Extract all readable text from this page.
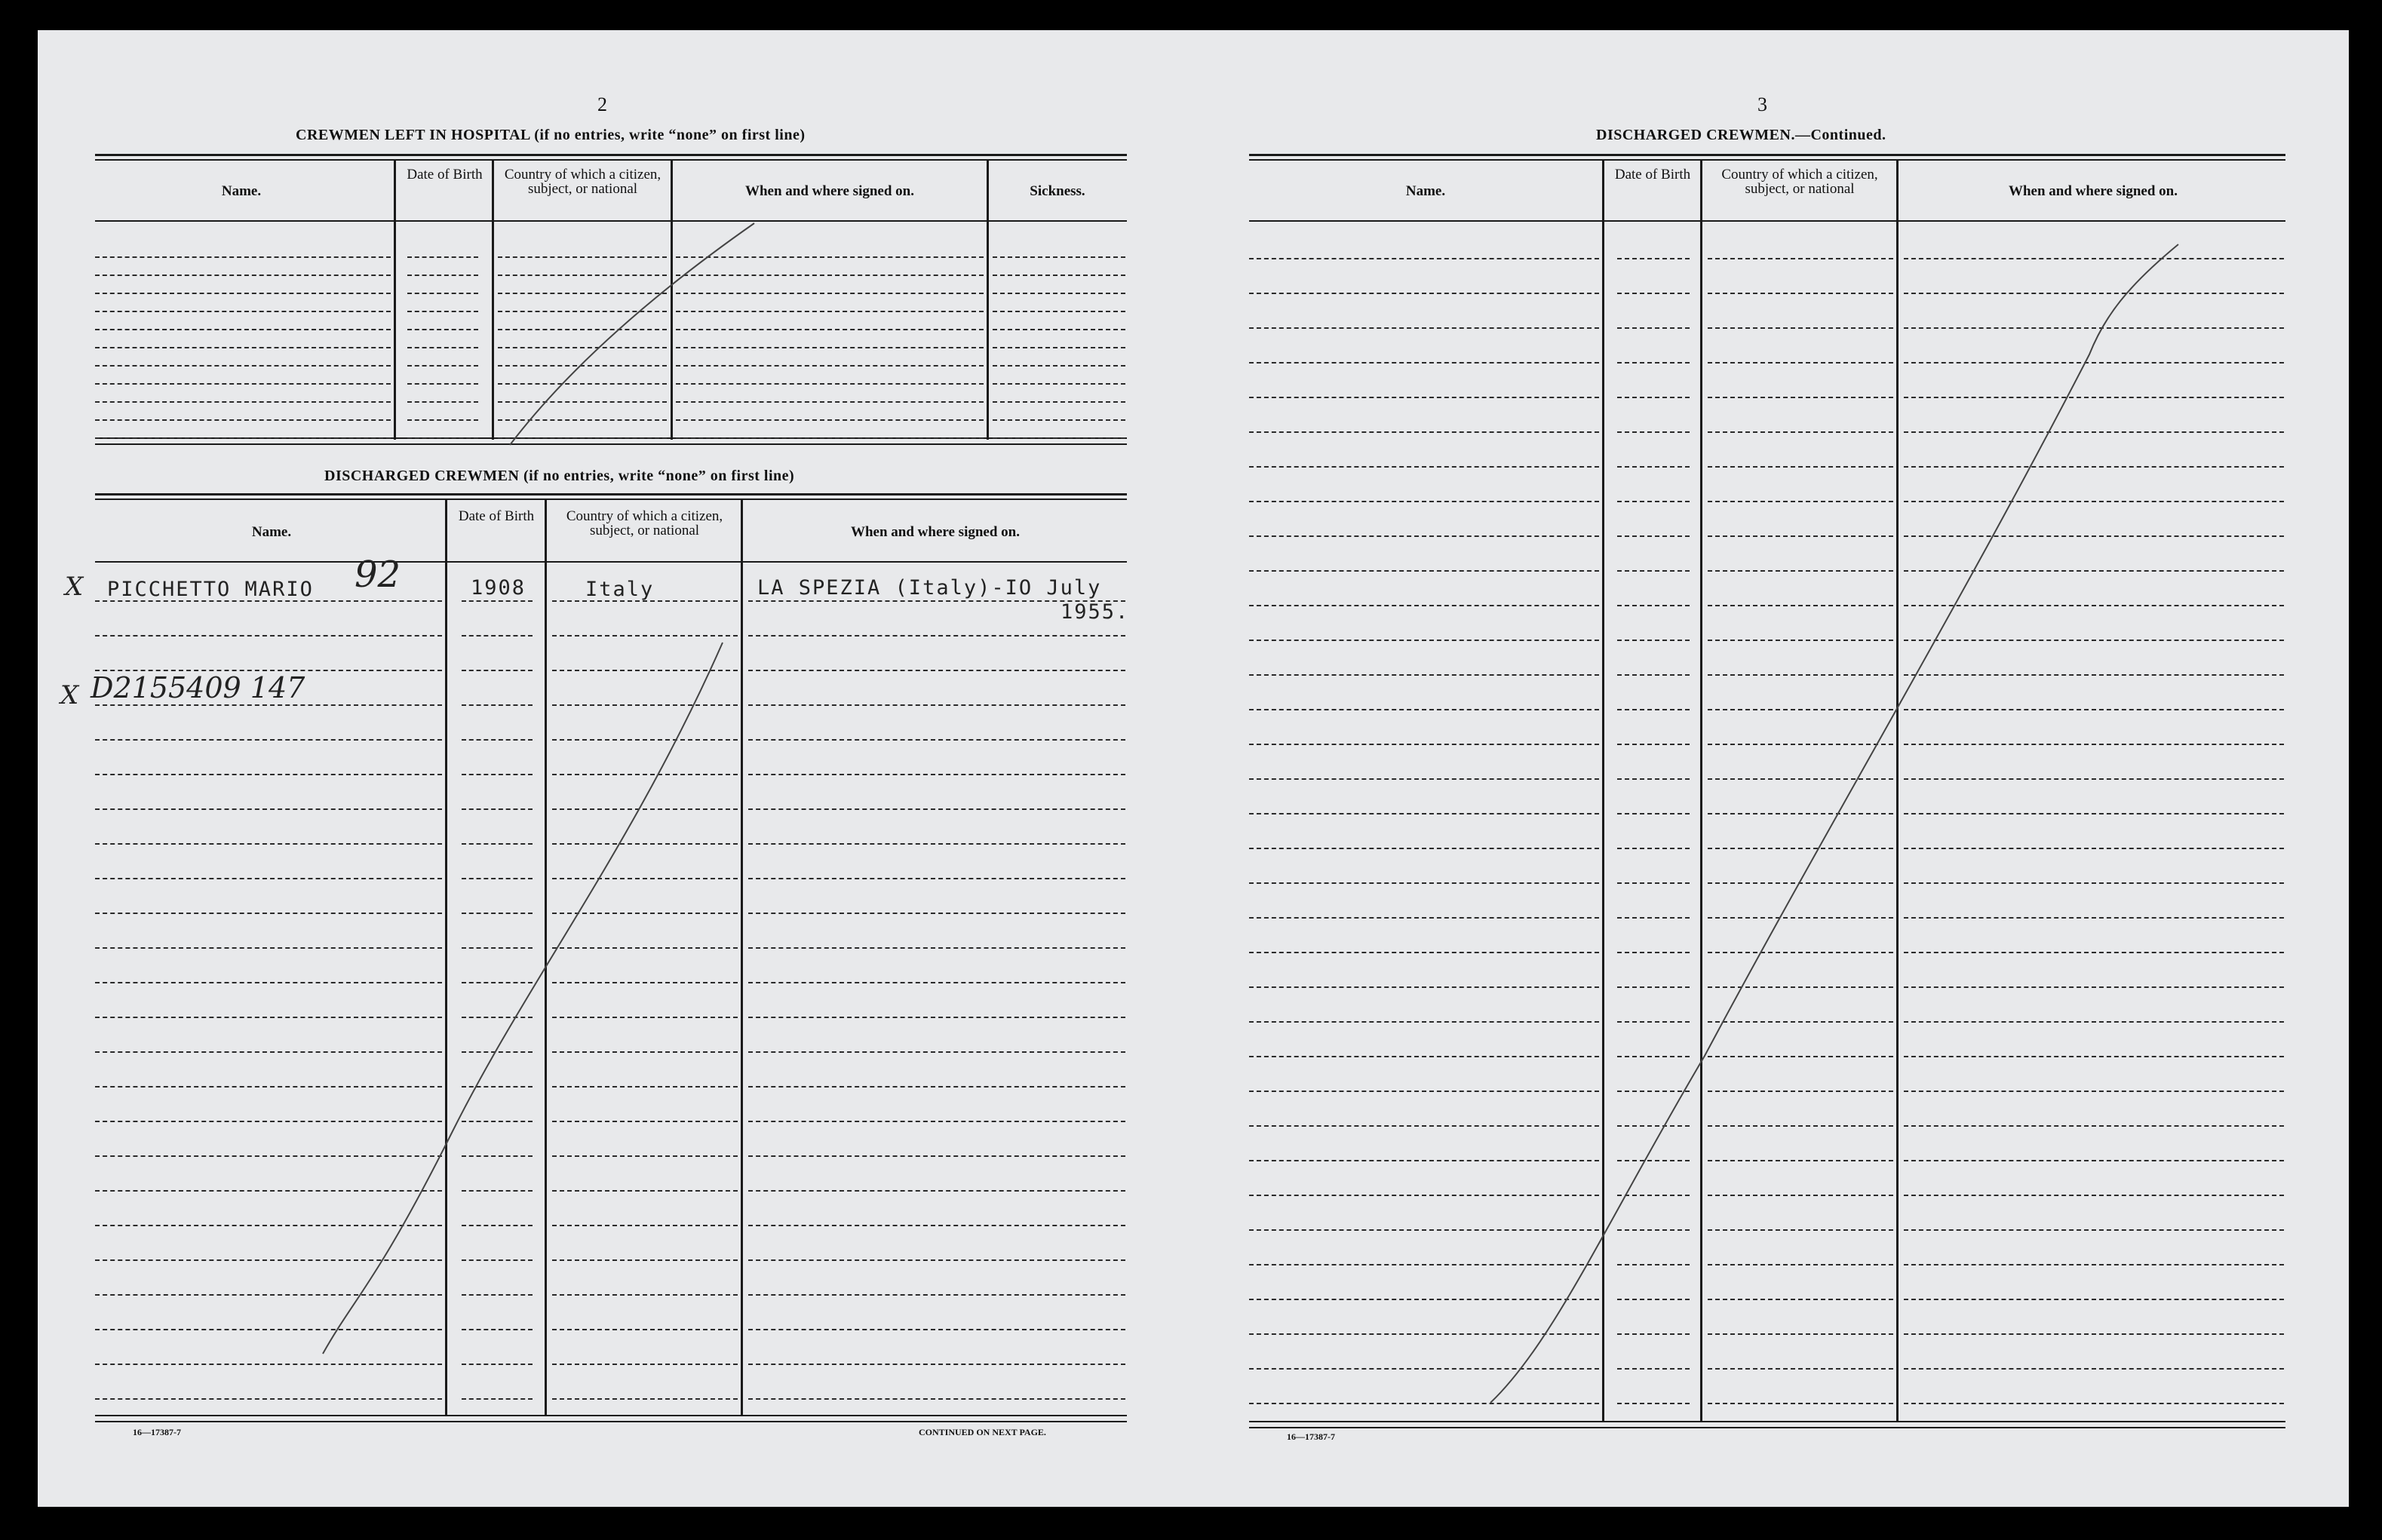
2
CREWMEN LEFT IN HOSPITAL (if no entries, write “none” on first line)
Name.
Date of Birth	Country of which a citizen, subject, or national	When and where signed on.	Sickness.
DISCHARGED CREWMEN (if no entries, write “none” on first line)
Name.
Date of Birth	Country of which a citizen, subject, or national	When and where signed on.
X PICCHETTO MARIO 92	1908	Italy	LA SPEZIA (Italy)-IO July
1955.
X D2155409 147
16—17387-7	CONTINUED ON NEXT PAGE.
3
DISCHARGED CREWMEN.—Continued.
Name.
Date of Birth	Country of which a citizen, subject, or national	When and where signed on.
16—17387-7
